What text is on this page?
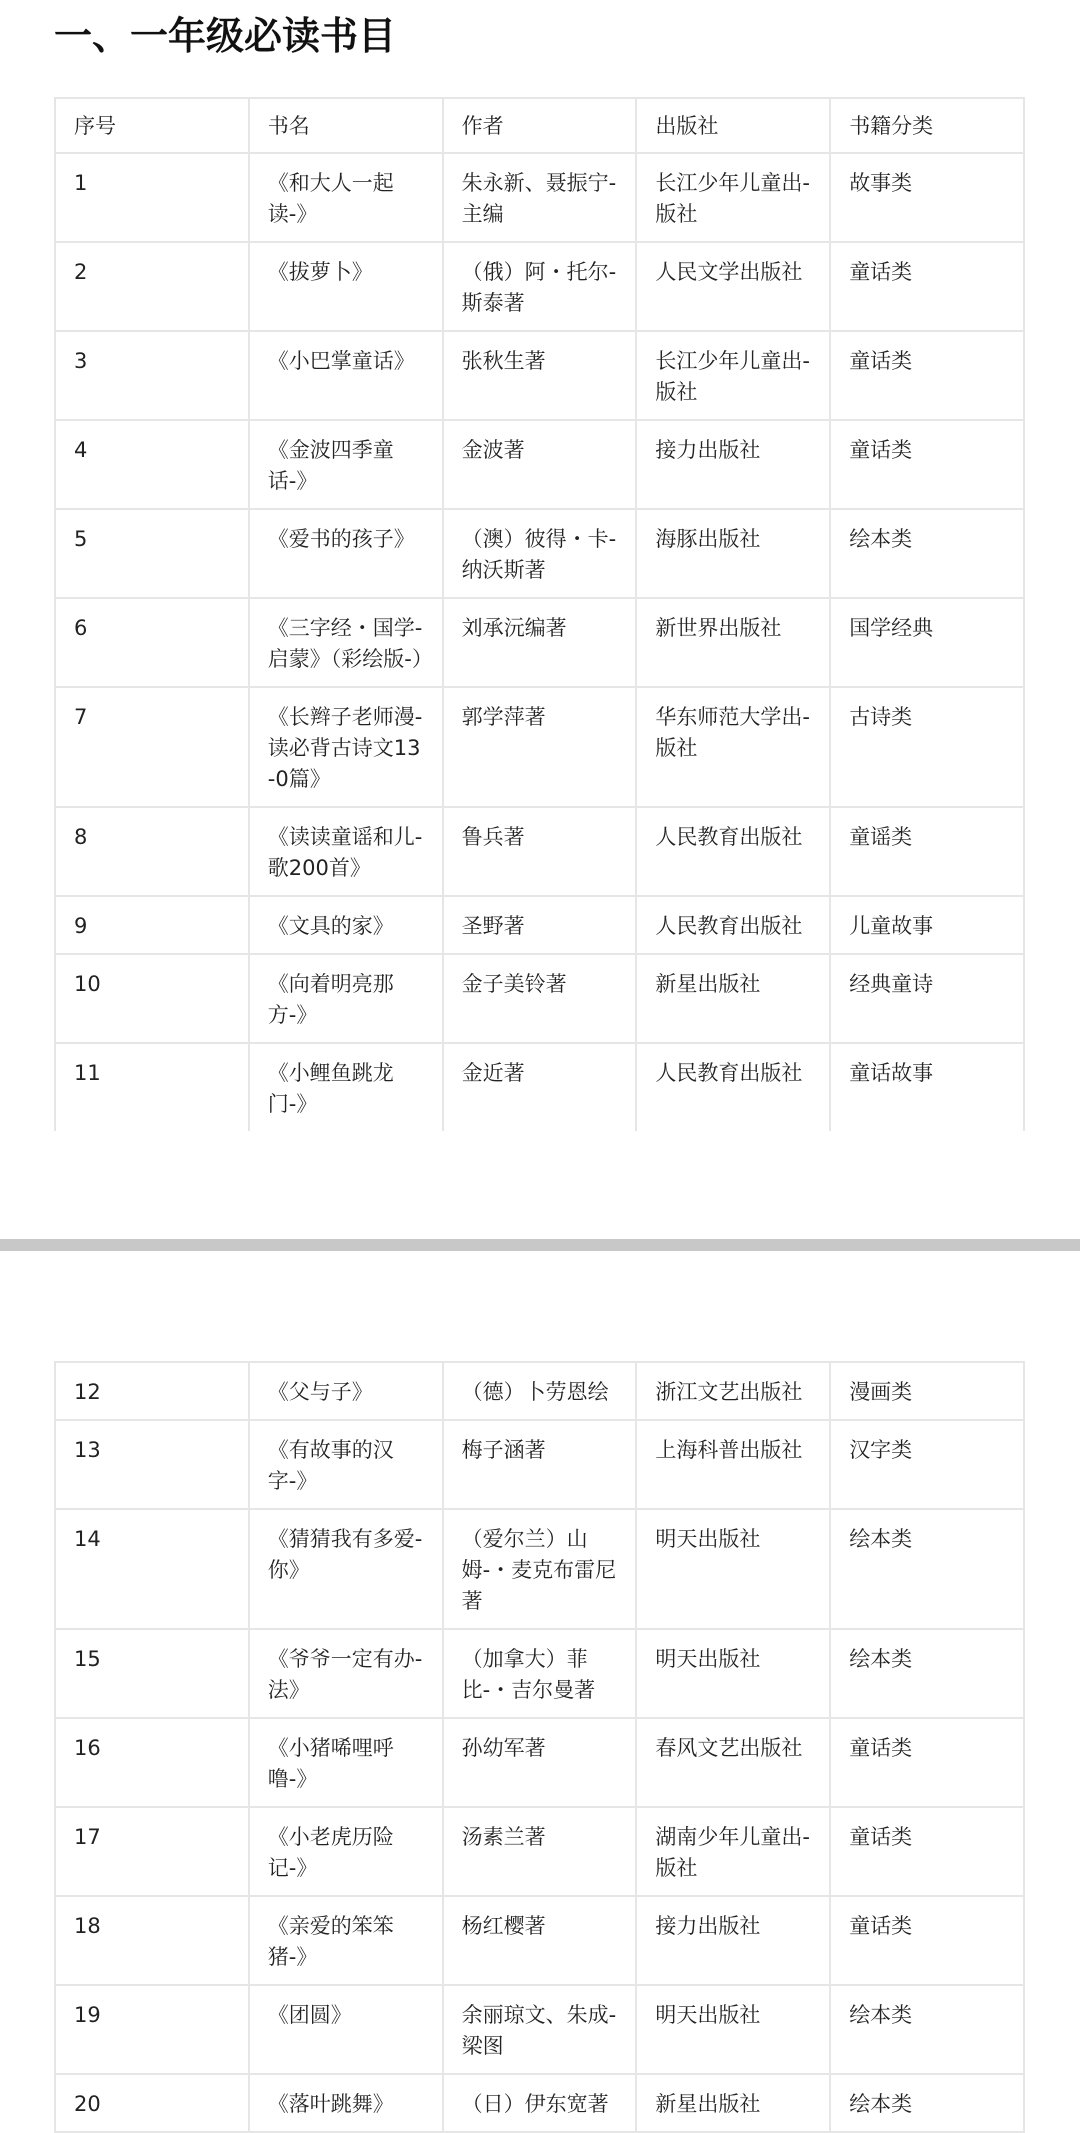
一、一年级必读书目
序号	书名	作者	出版社	书籍分类
1	《和大人一起读-》	朱永新、聂振宁-主编	长江少年儿童出-版社	故事类
2	《拔萝卜》	（俄）阿・托尔-斯泰著	人民文学出版社	童话类
3	《小巴掌童话》	张秋生著	长江少年儿童出-版社	童话类
4	《金波四季童话-》	金波著	接力出版社	童话类
5	《爱书的孩子》	（澳）彼得・卡-纳沃斯著	海豚出版社	绘本类
6	《三字经・国学-启蒙》（彩绘版-）	刘承沅编著	新世界出版社	国学经典
7	《长辫子老师漫-读必背古诗文13-0篇》	郭学萍著	华东师范大学出-版社	古诗类
8	《读读童谣和儿-歌200首》	鲁兵著	人民教育出版社	童谣类
9	《文具的家》	圣野著	人民教育出版社	儿童故事
10	《向着明亮那方-》	金子美铃著	新星出版社	经典童诗
11	《小鲤鱼跳龙门-》	金近著	人民教育出版社	童话故事
12	《父与子》	（德）卜劳恩绘	浙江文艺出版社	漫画类
13	《有故事的汉字-》	梅子涵著	上海科普出版社	汉字类
14	《猜猜我有多爱-你》	（爱尔兰）山姆-・麦克布雷尼著	明天出版社	绘本类
15	《爷爷一定有办-法》	（加拿大）菲比-・吉尔曼著	明天出版社	绘本类
16	《小猪唏哩呼噜-》	孙幼军著	春风文艺出版社	童话类
17	《小老虎历险记-》	汤素兰著	湖南少年儿童出-版社	童话类
18	《亲爱的笨笨猪-》	杨红樱著	接力出版社	童话类
19	《团圆》	余丽琼文、朱成-梁图	明天出版社	绘本类
20	《落叶跳舞》	（日）伊东宽著	新星出版社	绘本类
